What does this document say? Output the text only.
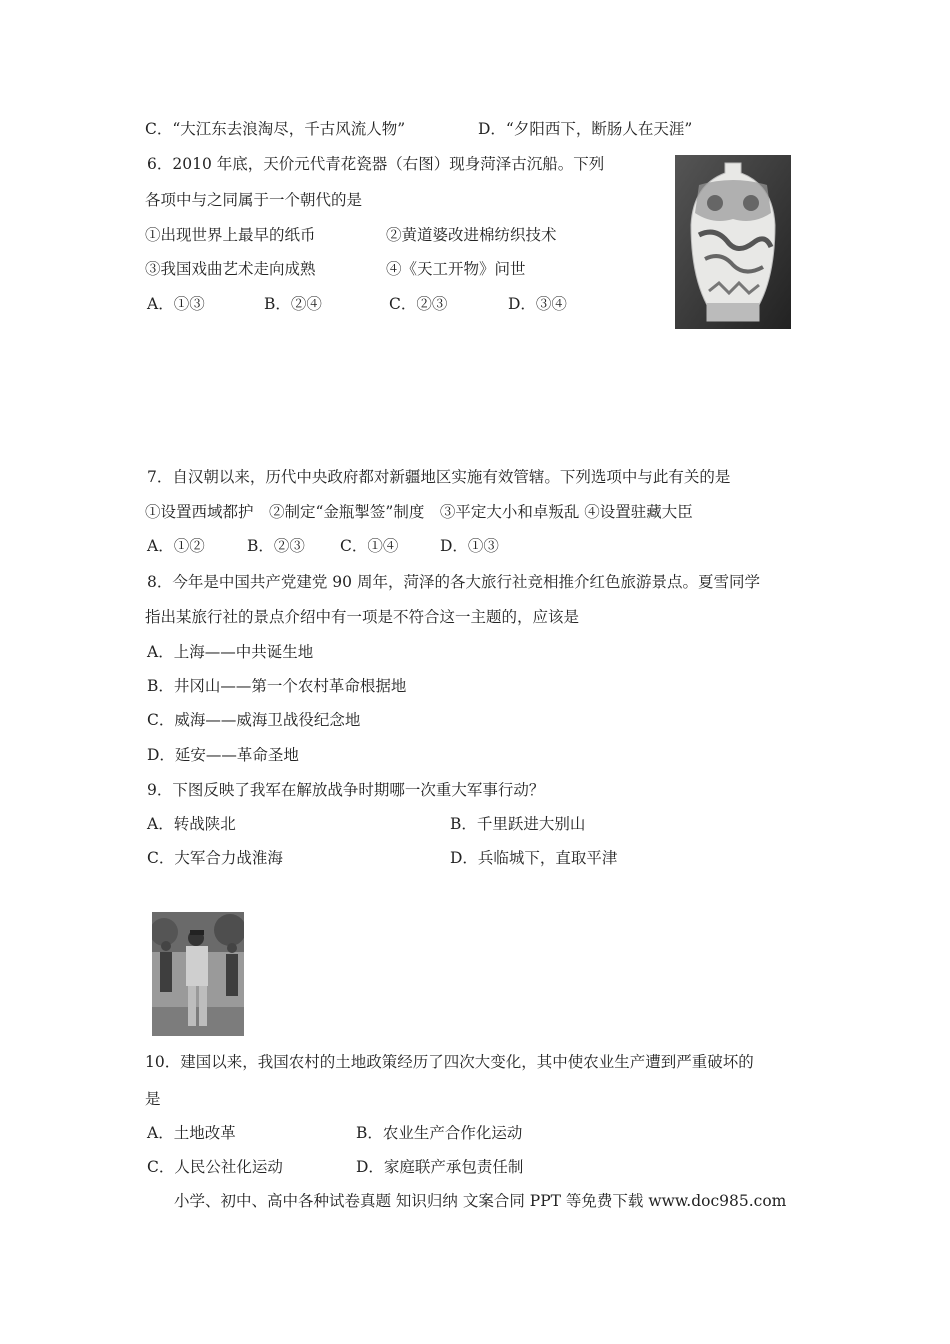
C．“大江东去浪淘尽，千古风流人物”	D．“夕阳西下，断肠人在天涯”
6．2010 年底，天价元代青花瓷器（右图）现身菏泽古沉船。下列
各项中与之同属于一个朝代的是
①出现世界上最早的纸币	②黄道婆改进棉纺织技术
③我国戏曲艺术走向成熟	④《天工开物》问世
A．①③	B．②④	C．②③	D．③④
7．自汉朝以来，历代中央政府都对新疆地区实施有效管辖。下列选项中与此有关的是
①设置西域都护　②制定“金瓶掣签”制度　③平定大小和卓叛乱 ④设置驻藏大臣
A．①②	B．②③ C．①④	D．①③
8．今年是中国共产党建党 90 周年，菏泽的各大旅行社竞相推介红色旅游景点。夏雪同学
指出某旅行社的景点介绍中有一项是不符合这一主题的，应该是
A．上海——中共诞生地
B．井冈山——第一个农村革命根据地
C．威海——威海卫战役纪念地
D．延安——革命圣地
9．下图反映了我军在解放战争时期哪一次重大军事行动？
A．转战陕北	B．千里跃进大别山
C．大军合力战淮海	D．兵临城下，直取平津
10．建国以来，我国农村的土地政策经历了四次大变化，其中使农业生产遭到严重破坏的
是
A．土地改革	B．农业生产合作化运动
C．人民公社化运动	D．家庭联产承包责任制
小学、初中、高中各种试卷真题 知识归纳 文案合同 PPT 等免费下载 www.doc985.com
